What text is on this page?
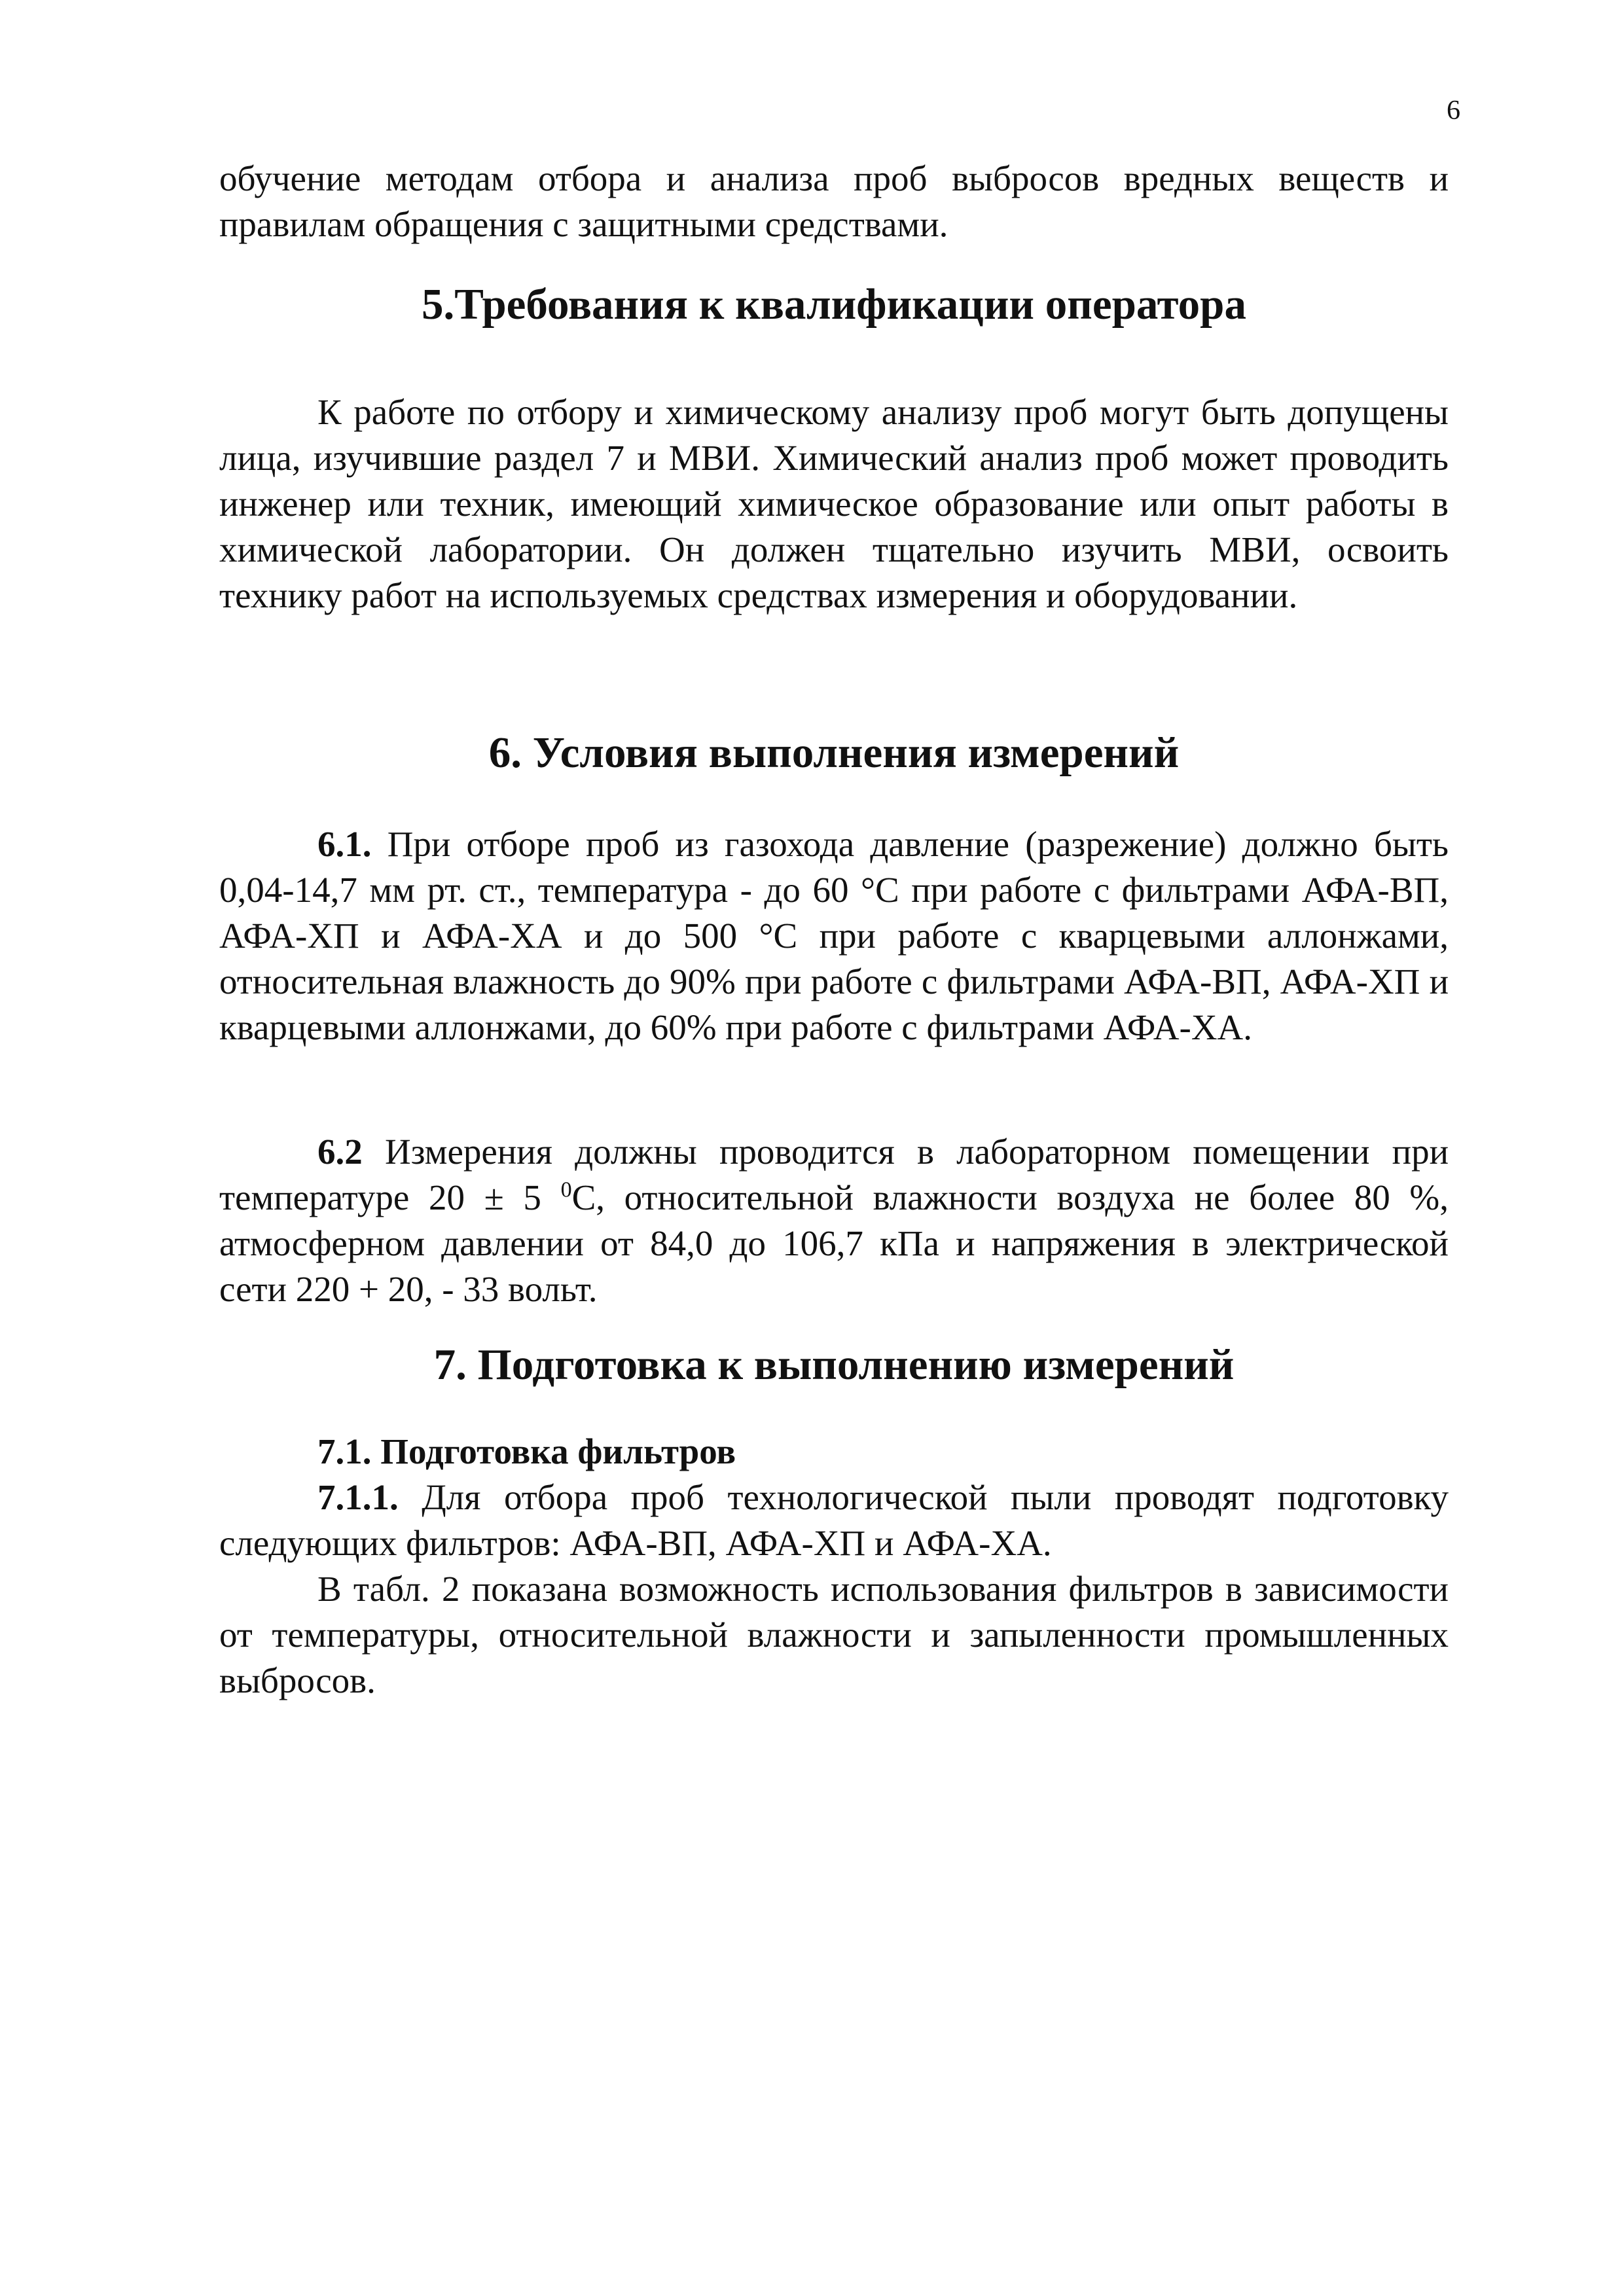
6

обучение методам отбора и анализа проб выбросов вредных веществ и правилам обращения с защитными средствами.

5.Требования к квалификации оператора

К работе по отбору и химическому анализу проб могут быть допущены лица, изучившие раздел 7 и МВИ. Химический анализ проб может проводить инженер или техник, имеющий химическое образование или опыт работы в химической лаборатории. Он должен тщательно изучить МВИ, освоить технику работ на используемых средствах измерения и оборудовании.

6. Условия выполнения измерений

6.1. При отборе проб из газохода давление (разрежение) должно быть 0,04-14,7 мм рт. ст., температура - до 60 °С при работе с фильтрами АФА-ВП, АФА-ХП и АФА-ХА и до 500 °С при работе с кварцевыми аллонжами, относительная влажность до 90% при работе с фильтрами АФА-ВП, АФА-ХП и кварцевыми аллонжами, до 60% при работе с фильтрами АФА-ХА.

6.2 Измерения должны проводится в лабораторном помещении при температуре 20 ± 5 $^0$С, относительной влажности воздуха не более 80 %, атмосферном давлении от 84,0 до 106,7 кПа и напряжения в электрической сети 220 + 20, - 33 вольт.

7. Подготовка к выполнению измерений

7.1. Подготовка фильтров

7.1.1. Для отбора проб технологической пыли проводят подготовку следующих фильтров: АФА-ВП, АФА-ХП и АФА-ХА.

В табл. 2 показана возможность использования фильтров в зависимости от температуры, относительной влажности и запыленности промышленных выбросов.
